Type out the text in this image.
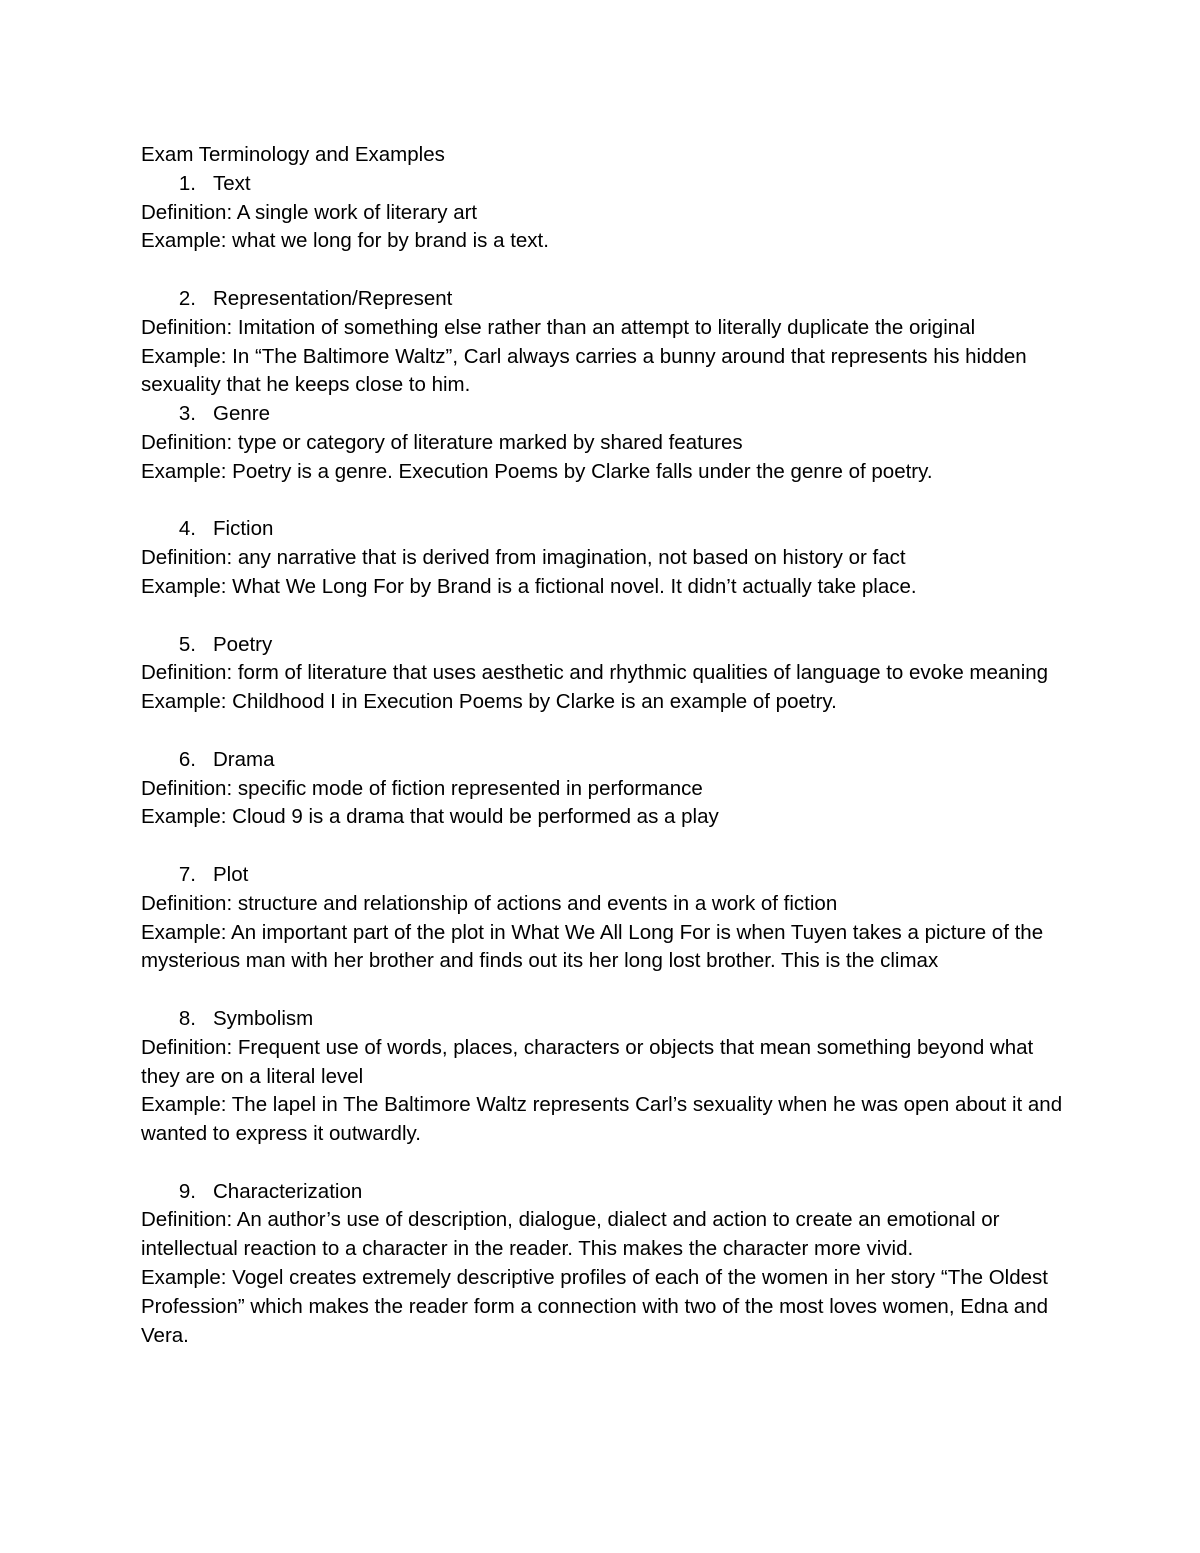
Exam Terminology and Examples

1. Text

Definition: A single work of literary art

Example: what we long for by brand is a text.

2. Representation/Represent

Definition: Imitation of something else rather than an attempt to literally duplicate the original

Example: In “The Baltimore Waltz”, Carl always carries a bunny around that represents his hidden sexuality that he keeps close to him.

3. Genre

Definition: type or category of literature marked by shared features

Example: Poetry is a genre. Execution Poems by Clarke falls under the genre of poetry.

4. Fiction

Definition: any narrative that is derived from imagination, not based on history or fact

Example: What We Long For by Brand is a fictional novel. It didn’t actually take place.

5. Poetry

Definition: form of literature that uses aesthetic and rhythmic qualities of language to evoke meaning

Example: Childhood I in Execution Poems by Clarke is an example of poetry.

6. Drama

Definition: specific mode of fiction represented in performance

Example: Cloud 9 is a drama that would be performed as a play

7. Plot

Definition: structure and relationship of actions and events in a work of fiction

Example: An important part of the plot in What We All Long For is when Tuyen takes a picture of the mysterious man with her brother and finds out its her long lost brother. This is the climax

8. Symbolism

Definition: Frequent use of words, places, characters or objects that mean something beyond what they are on a literal level

Example: The lapel in The Baltimore Waltz represents Carl’s sexuality when he was open about it and wanted to express it outwardly.

9. Characterization

Definition: An author’s use of description, dialogue, dialect and action to create an emotional or intellectual reaction to a character in the reader. This makes the character more vivid.

Example: Vogel creates extremely descriptive profiles of each of the women in her story “The Oldest Profession” which makes the reader form a connection with two of the most loves women, Edna and Vera.
